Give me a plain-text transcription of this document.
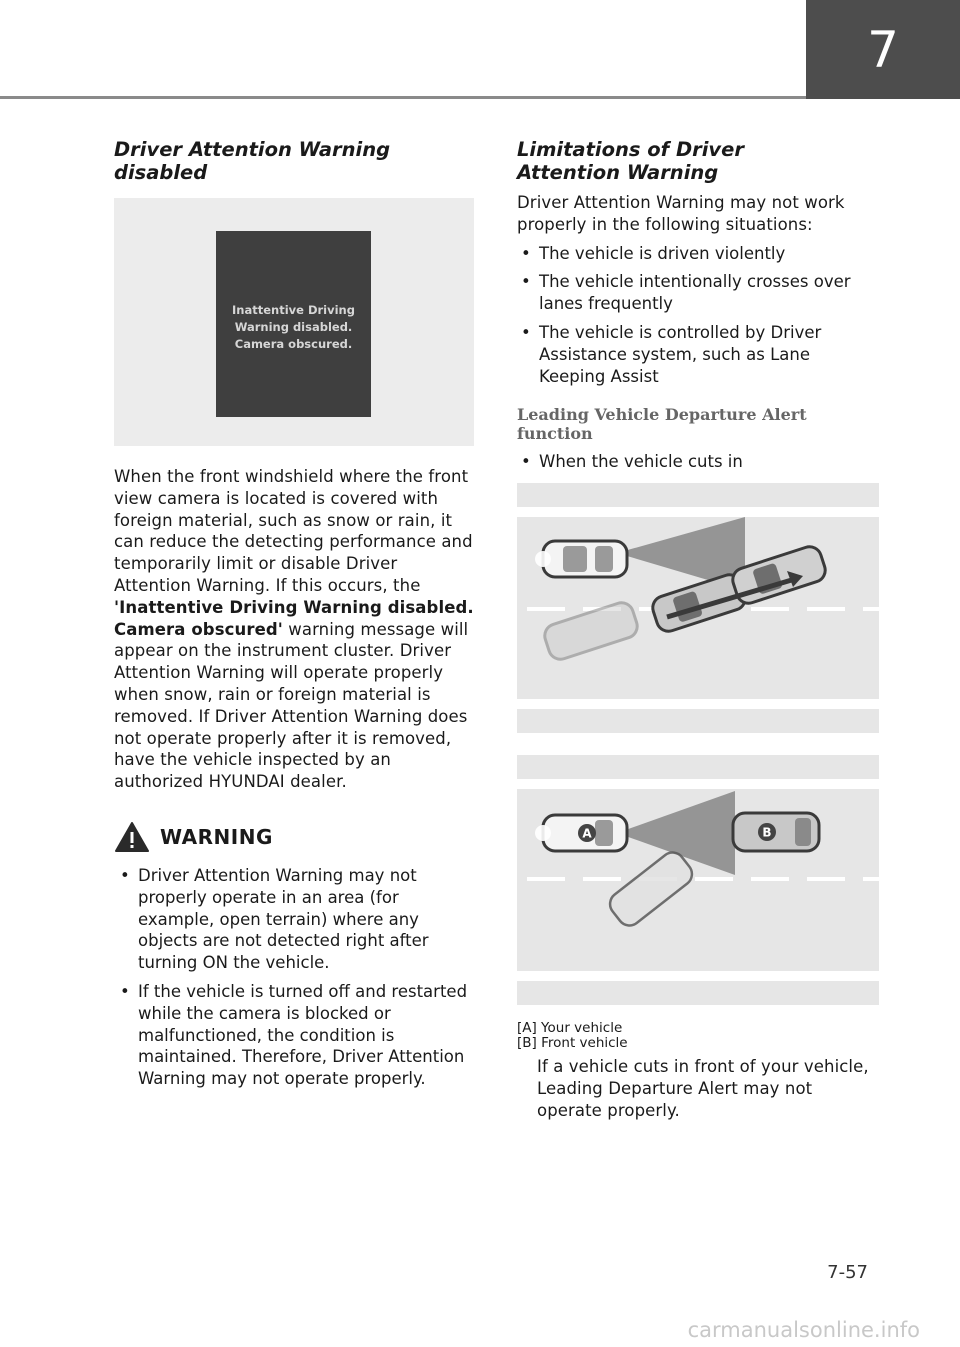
7
Driver Attention Warning disabled
Inattentive Driving
Warning disabled.
Camera obscured.

When the front windshield where the front view camera is located is covered with foreign material, such as snow or rain, it can reduce the detecting performance and temporarily limit or disable Driver Attention Warning. If this occurs, the 'Inattentive Driving Warning disabled. Camera obscured' warning message will appear on the instrument cluster. Driver Attention Warning will operate properly when snow, rain or foreign material is removed. If Driver Attention Warning does not operate properly after it is removed, have the vehicle inspected by an authorized HYUNDAI dealer.

WARNING
• Driver Attention Warning may not properly operate in an area (for example, open terrain) where any objects are not detected right after turning ON the vehicle.
• If the vehicle is turned off and restarted while the camera is blocked or malfunctioned, the condition is maintained. Therefore, Driver Attention Warning may not operate properly.
Limitations of Driver Attention Warning

Driver Attention Warning may not work properly in the following situations:

• The vehicle is driven violently
• The vehicle intentionally crosses over lanes frequently
• The vehicle is controlled by Driver Assistance system, such as Lane Keeping Assist
Leading Vehicle Departure Alert function
• When the vehicle cuts in
A	B
[A] Your vehicle
[B] Front vehicle

If a vehicle cuts in front of your vehicle, Leading Departure Alert may not operate properly.

7-57
carmanualsonline.info
